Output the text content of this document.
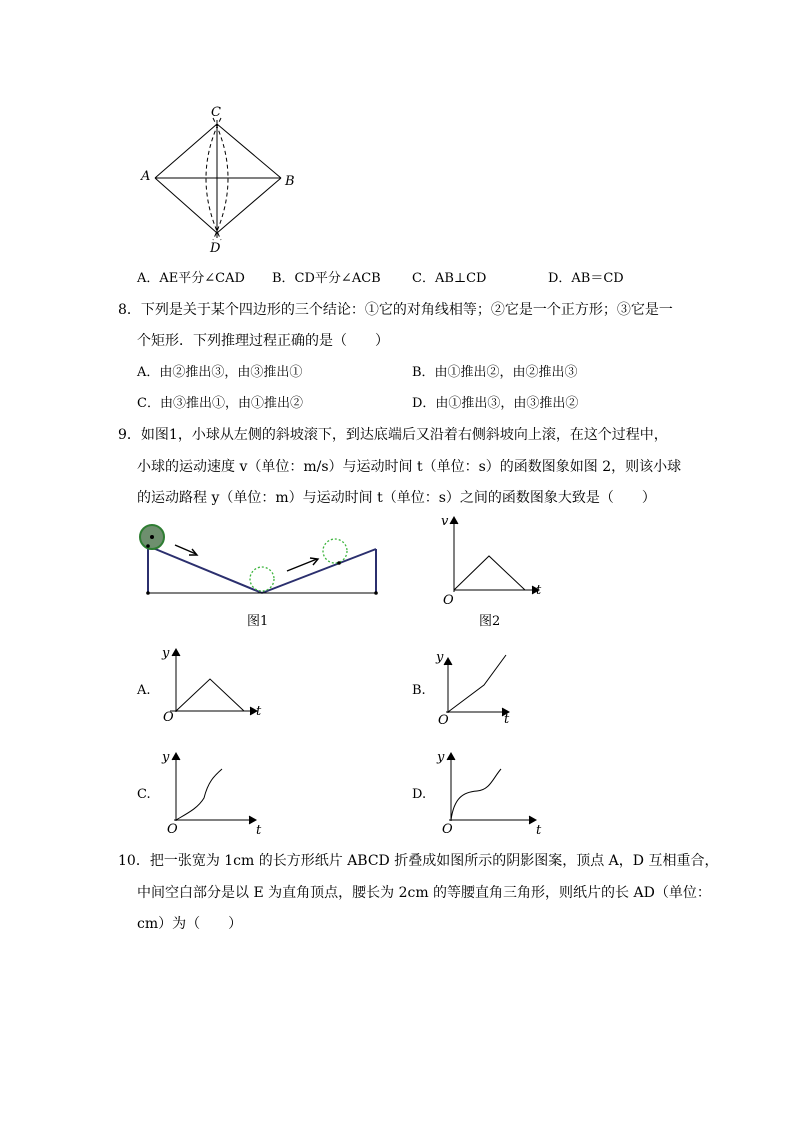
C
A	B
D
A．AE平分∠CAD B．CD平分∠ACB C．AB⊥CD	D．AB＝CD
8．下列是关于某个四边形的三个结论：①它的对角线相等；②它是一个正方形；③它是一
个矩形．下列推理过程正确的是（　　）
A．由②推出③，由③推出①	B．由①推出②，由②推出③
C．由③推出①，由①推出②	D．由①推出③，由③推出②
9．如图1，小球从左侧的斜坡滚下，到达底端后又沿着右侧斜坡向上滚，在这个过程中，
小球的运动速度 v（单位：m/s）与运动时间 t（单位：s）的函数图象如图 2，则该小球
的运动路程 y（单位：m）与运动时间 t（单位：s）之间的函数图象大致是（　　）
图1
v
t
O
图2
A.
y
t
O
B.
y
t
O
C.
y
t
O
D.
y
t
O
10．把一张宽为 1cm 的长方形纸片 ABCD 折叠成如图所示的阴影图案，顶点 A，D 互相重合，
中间空白部分是以 E 为直角顶点，腰长为 2cm 的等腰直角三角形，则纸片的长 AD（单位：
cm）为（　　）
